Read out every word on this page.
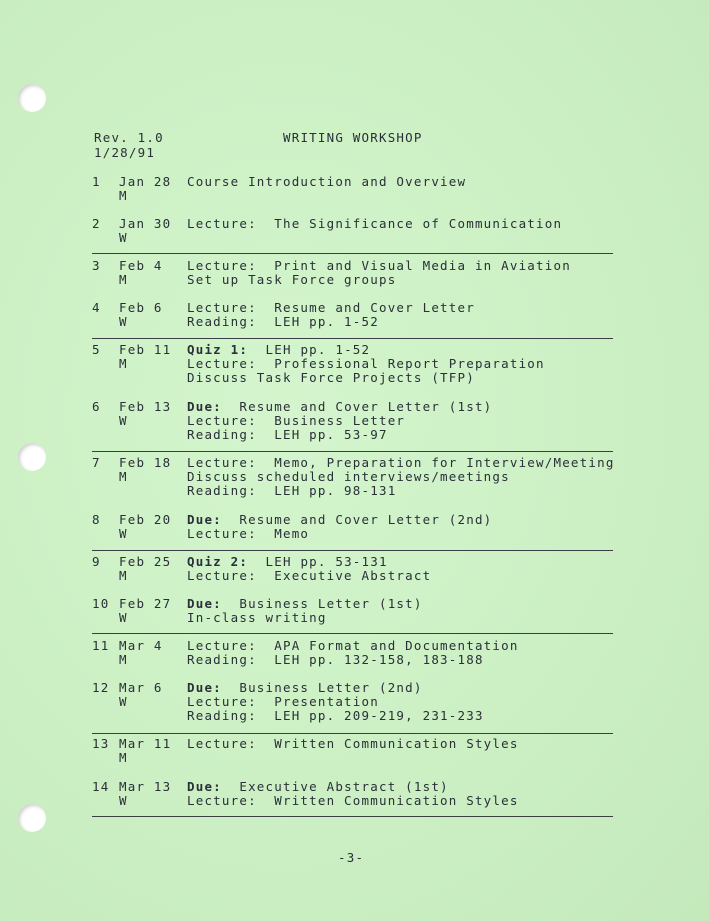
Rev. 1.0
1/28/91
WRITING WORKSHOP
1 Jan 28
M
Course Introduction and Overview
2 Jan 30
W
Lecture:  The Significance of Communication
3 Feb 4
M
Lecture:  Print and Visual Media in Aviation
Set up Task Force groups
4 Feb 6
W
Lecture:  Resume and Cover Letter
Reading:  LEH pp. 1-52
5 Feb 11
M
Quiz 1:  LEH pp. 1-52
Lecture:  Professional Report Preparation
Discuss Task Force Projects (TFP)
6 Feb 13
W
Due:  Resume and Cover Letter (1st)
Lecture:  Business Letter
Reading:  LEH pp. 53-97
7 Feb 18
M
Lecture:  Memo, Preparation for Interview/Meeting
Discuss scheduled interviews/meetings
Reading:  LEH pp. 98-131
8 Feb 20
W
Due:  Resume and Cover Letter (2nd)
Lecture:  Memo
9 Feb 25
M
Quiz 2:  LEH pp. 53-131
Lecture:  Executive Abstract
10 Feb 27
W
Due:  Business Letter (1st)
In-class writing
11 Mar 4
M
Lecture:  APA Format and Documentation
Reading:  LEH pp. 132-158, 183-188
12 Mar 6
W
Due:  Business Letter (2nd)
Lecture:  Presentation
Reading:  LEH pp. 209-219, 231-233
13 Mar 11
M
Lecture:  Written Communication Styles
14 Mar 13
W
Due:  Executive Abstract (1st)
Lecture:  Written Communication Styles
-3-
